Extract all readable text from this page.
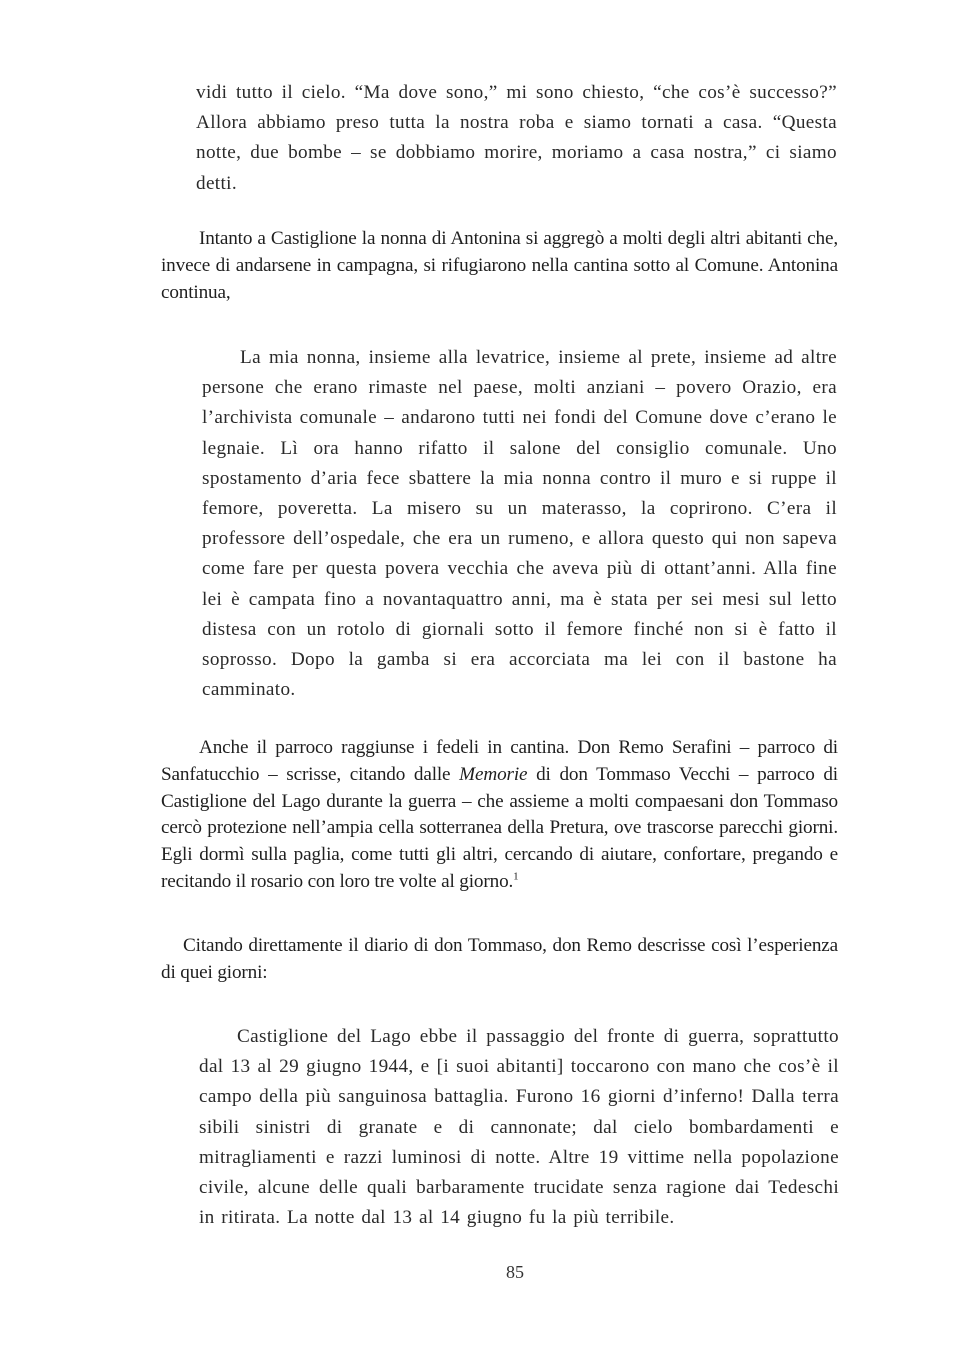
vidi tutto il cielo. “Ma dove sono,” mi sono chiesto, “che cos’è successo?” Allora abbiamo preso tutta la nostra roba e siamo tornati a casa. “Questa notte, due bombe – se dobbiamo morire, moriamo a casa nostra,” ci siamo detti.

Intanto a Castiglione la nonna di Antonina si aggregò a molti degli altri abitanti che, invece di andarsene in campagna, si rifugiarono nella cantina sotto al Comune. Antonina continua,

La mia nonna, insieme alla levatrice, insieme al prete, insieme ad altre persone che erano rimaste nel paese, molti anziani – povero Orazio, era l’archivista comunale – andarono tutti nei fondi del Comune dove c’erano le legnaie. Lì ora hanno rifatto il salone del consiglio comunale. Uno spostamento d’aria fece sbattere la mia nonna contro il muro e si ruppe il femore, poveretta. La misero su un materasso, la coprirono. C’era il professore dell’ospedale, che era un rumeno, e allora questo qui non sapeva come fare per questa povera vecchia che aveva più di ottant’anni. Alla fine lei è campata fino a novantaquattro anni, ma è stata per sei mesi sul letto distesa con un rotolo di giornali sotto il femore finché non si è fatto il soprosso. Dopo la gamba si era accorciata ma lei con il bastone ha camminato.

Anche il parroco raggiunse i fedeli in cantina. Don Remo Serafini – parroco di Sanfatucchio – scrisse, citando dalle Memorie di don Tommaso Vecchi – parroco di Castiglione del Lago durante la guerra – che assieme a molti compaesani don Tommaso cercò protezione nell’ampia cella sotterranea della Pretura, ove trascorse parecchi giorni. Egli dormì sulla paglia, come tutti gli altri, cercando di aiutare, confortare, pregando e recitando il rosario con loro tre volte al giorno.$^1$

Citando direttamente il diario di don Tommaso, don Remo descrisse così l’esperienza di quei giorni:

Castiglione del Lago ebbe il passaggio del fronte di guerra, soprattutto dal 13 al 29 giugno 1944, e [i suoi abitanti] toccarono con mano che cos’è il campo della più sanguinosa battaglia. Furono 16 giorni d’inferno! Dalla terra sibili sinistri di granate e di cannonate; dal cielo bombardamenti e mitragliamenti e razzi luminosi di notte. Altre 19 vittime nella popolazione civile, alcune delle quali barbaramente trucidate senza ragione dai Tedeschi in ritirata. La notte dal 13 al 14 giugno fu la più terribile.

85
